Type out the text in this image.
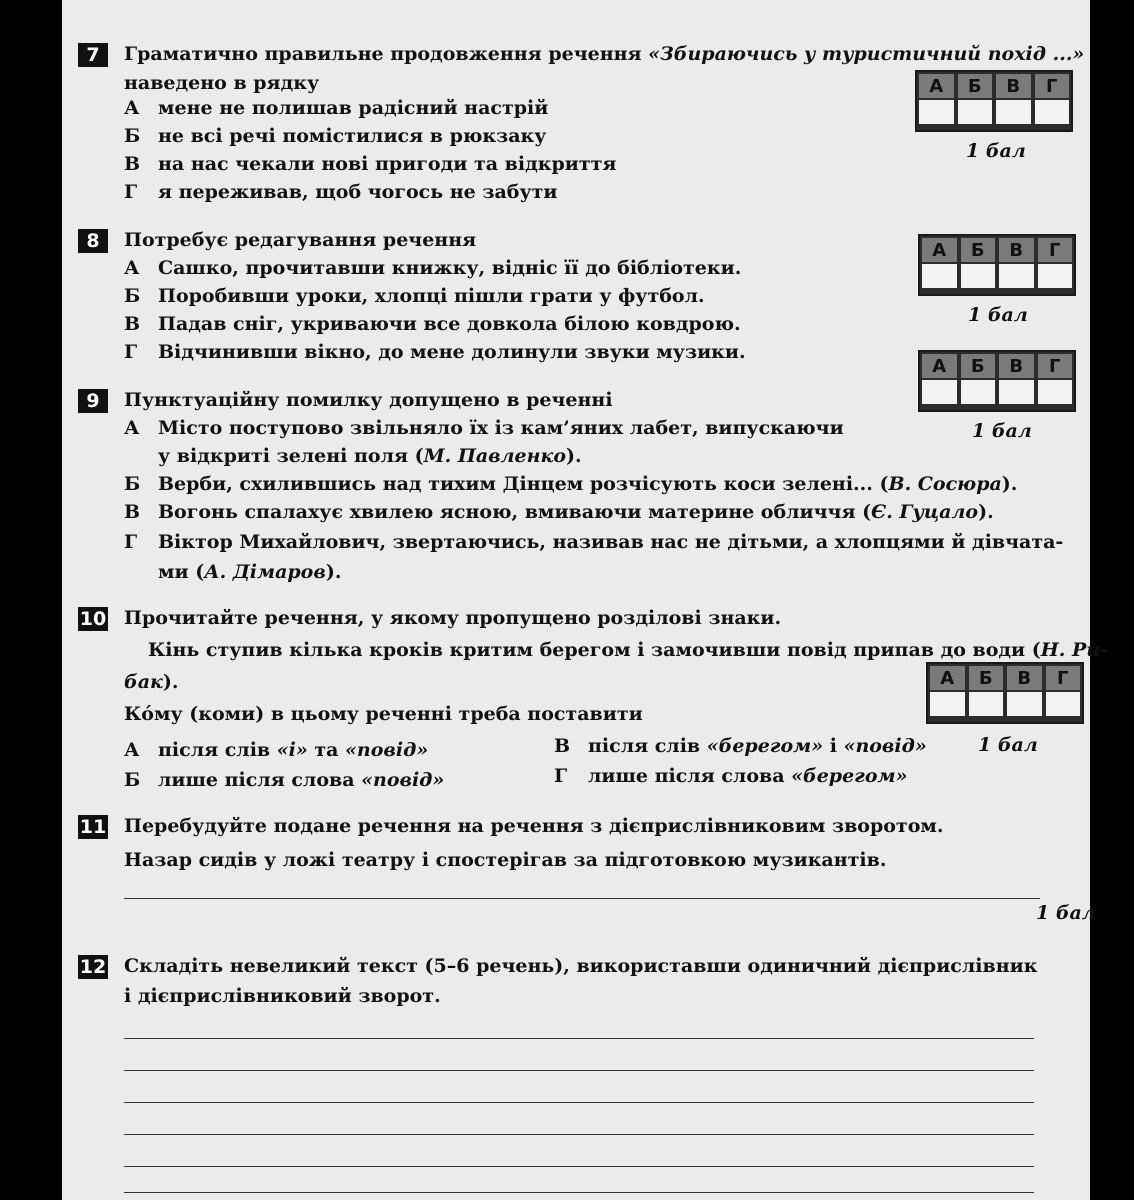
7	Граматично правильне продовження речення «Збираючись у туристичний похід ...»
наведено в рядку
А мене не полишав радісний настрій
Б не всі речі помістилися в рюкзаку
В на нас чекали нові пригоди та відкриття
Г я переживав, щоб чогось не забути
А	Б	В	Г
1 бал
8	Потребує редагування речення
А Сашко, прочитавши книжку, відніс її до бібліотеки.
Б Поробивши уроки, хлопці пішли грати у футбол.
В Падав сніг, укриваючи все довкола білою ковдрою.
Г Відчинивши вікно, до мене долинули звуки музики.
А	Б	В	Г
1 бал
9	Пунктуаційну помилку допущено в реченні
А Місто поступово звільняло їх із кам’яних лабет, випускаючи
у відкриті зелені поля (М. Павленко).
Б Верби, схилившись над тихим Дінцем розчісують коси зелені... (В. Сосюра).
В Вогонь спалахує хвилею ясною, вмиваючи материне обличчя (Є. Гуцало).
Г Віктор Михайлович, звертаючись, називав нас не дітьми, а хлопцями й дівчата-
ми (А. Дімаров).
А	Б	В	Г
1 бал
10 Прочитайте речення, у якому пропущено розділові знаки.
Кінь ступив кілька кроків критим берегом і замочивши повід припав до води (Н. Ри-
бак).
Ко́му (коми) в цьому реченні треба поставити
А після слів «і» та «повід»
Б лише після слова «повід»
В після слів «берегом» і «повід»
Г лише після слова «берегом»
А	Б	В	Г
1 бал
11 Перебудуйте подане речення на речення з дієприслівниковим зворотом.
Назар сидів у ложі театру і спостерігав за підготовкою музикантів.
1 бал
12 Складіть невеликий текст (5–6 речень), використавши одиничний дієприслівник
і дієприслівниковий зворот.
